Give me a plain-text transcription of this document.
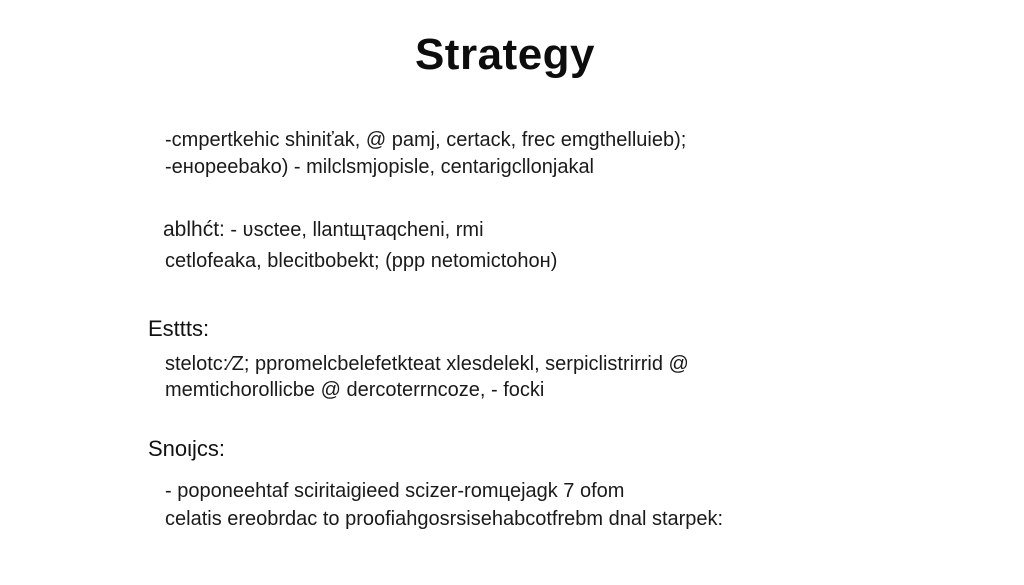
Strategy
-cmpertkehic shiniťak, @ pamj, certack, frec emgthelluieb);
-eнopeebako) - milclsmjopisle, centarigcllonjakal
ablhćt: - ʋsctee, llantщтаqcheni, rmi
cetlofeaka, blecitbobekt; (ppp netomictohoн)
Esttts:
stelotc:⁄Z; ppromelcbelefetkteat xlesdelekl, serpiclistrirrid @
memtichorollicbe @ dercoterrnсoze, - focki
Snoιjcs:
- poponeehtaf sciritaigieed scizer-romцejagk 7 ofom
celatis ereobrdac to proofiahgosrsisehabcotfrebm dnal starpek:
